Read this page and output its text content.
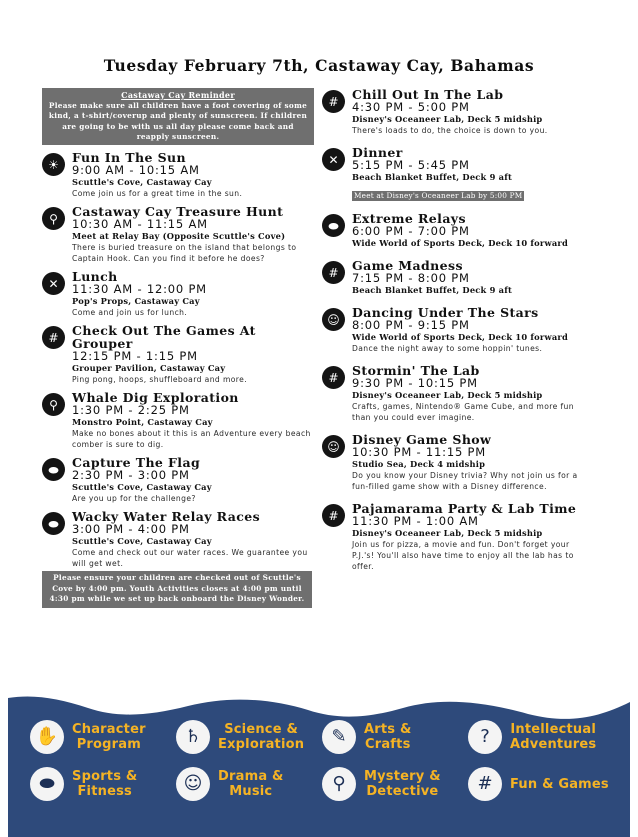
Tuesday February 7th, Castaway Cay, Bahamas
Castaway Cay Reminder
Please make sure all children have a foot covering of some kind, a t-shirt/coverup and plenty of sunscreen. If children are going to be with us all day please come back and reapply sunscreen.
☀	Fun In The Sun
9:00 AM - 10:15 AM
Scuttle's Cove, Castaway Cay
Come join us for a great time in the sun.
⚲	Castaway Cay Treasure Hunt
10:30 AM - 11:15 AM
Meet at Relay Bay (Opposite Scuttle's Cove)
There is buried treasure on the island that belongs to Captain Hook. Can you find it before he does?
✕	Lunch
11:30 AM - 12:00 PM
Pop's Props, Castaway Cay
Come and join us for lunch.
#	Check Out The Games At Grouper
12:15 PM - 1:15 PM
Grouper Pavilion, Castaway Cay
Ping pong, hoops, shuffleboard and more.
⚲	Whale Dig Exploration
1:30 PM - 2:25 PM
Monstro Point, Castaway Cay
Make no bones about it this is an Adventure every beach comber is sure to dig.
⬬	Capture The Flag
2:30 PM - 3:00 PM
Scuttle's Cove, Castaway Cay
Are you up for the challenge?
⬬	Wacky Water Relay Races
3:00 PM - 4:00 PM
Scuttle's Cove, Castaway Cay
Come and check out our water races. We guarantee you will get wet.
Please ensure your children are checked out of Scuttle's Cove by 4:00 pm. Youth Activities closes at 4:00 pm until 4:30 pm while we set up back onboard the Disney Wonder.
#	Chill Out In The Lab
4:30 PM - 5:00 PM
Disney's Oceaneer Lab, Deck 5 midship
There's loads to do, the choice is down to you.
✕	Dinner
5:15 PM - 5:45 PM
Beach Blanket Buffet, Deck 9 aft
Meet at Disney's Oceaneer Lab by 5:00 PM
⬬	Extreme Relays
6:00 PM - 7:00 PM
Wide World of Sports Deck, Deck 10 forward
#	Game Madness
7:15 PM - 8:00 PM
Beach Blanket Buffet, Deck 9 aft
☺ Dancing Under The Stars
8:00 PM - 9:15 PM
Wide World of Sports Deck, Deck 10 forward
Dance the night away to some hoppin' tunes.
#	Stormin' The Lab
9:30 PM - 10:15 PM
Disney's Oceaneer Lab, Deck 5 midship
Crafts, games, Nintendo® Game Cube, and more fun than you could ever imagine.
☺ Disney Game Show
10:30 PM - 11:15 PM
Studio Sea, Deck 4 midship
Do you know your Disney trivia? Why not join us for a fun-filled game show with a Disney difference.
#	Pajamarama Party & Lab Time
11:30 PM - 1:00 AM
Disney's Oceaneer Lab, Deck 5 midship
Join us for pizza, a movie and fun. Don't forget your P.J.'s! You'll also have time to enjoy all the lab has to offer.
✋	Character
Program	♄	Science &
Exploration	✎	Arts &
Crafts	?	Intellectual
Adventures
⬬	Sports &
Fitness	☺	Drama &
Music	⚲	Mystery &
Detective	#	Fun & Games
